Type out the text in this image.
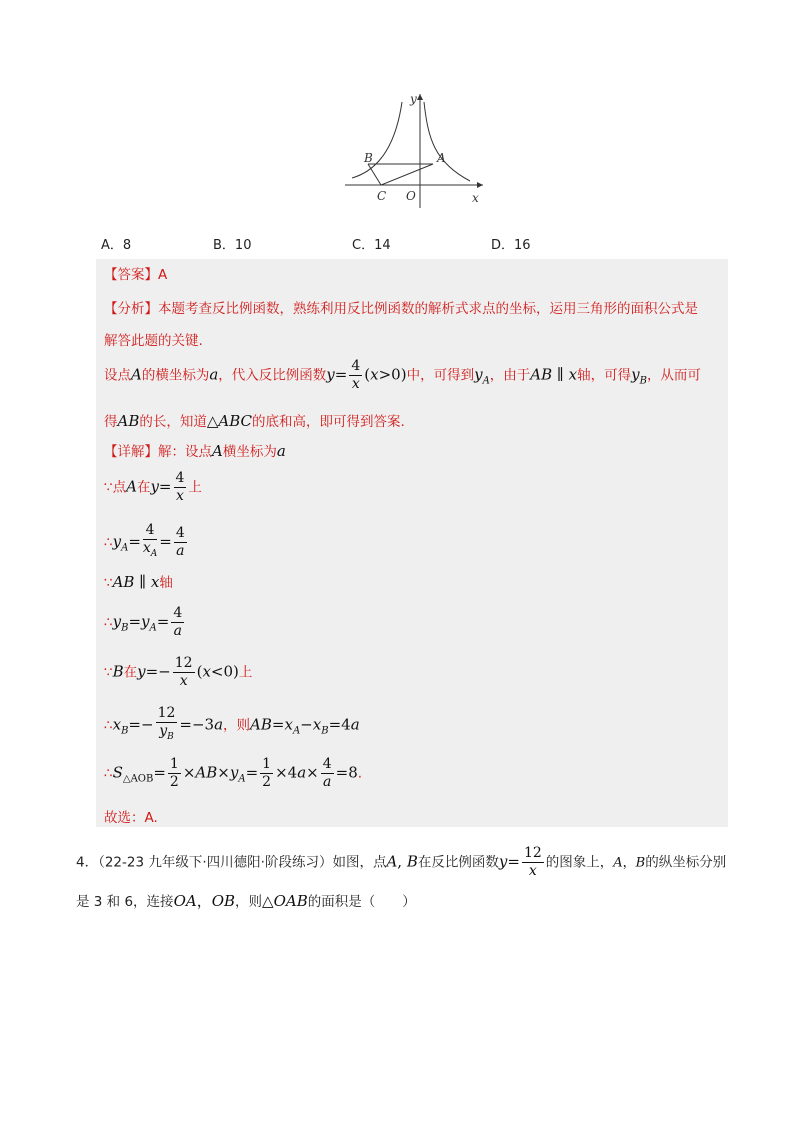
y
x
B	A
C O
A．8	B．10	C．14	D．16
【答案】A
【分析】本题考查反比例函数，熟练利用反比例函数的解析式求点的坐标，运用三角形的面积公式是
解答此题的关键.
设点A的横坐标为a，代入反比例函数$y= \frac{4}{x} (x>0)$中，可得到$y_A$，由于AB ∥ x轴，可得$y_B$，从而可
得AB的长，知道△ABC的底和高，即可得到答案.
【详解】解：设点A横坐标为a
∵点A在$y= \frac{4}{x}$ 上
$\therefore y_A= \frac{4}{x_A} = \frac{4}{a}$
∵AB ∥ x轴
$\therefore y_B=y_A= \frac{4}{a}$
∵B在$y=- \frac{12}{x} (x<0)$上
$\therefore x_B=- \frac{12}{y_B} =-3a$，则$AB=x_A-x_B=4a$
$\therefore S_{\triangle AOB}= \frac{1}{2} \times AB\times y_A= \frac{1}{2} \times 4a\times \frac{4}{a} =8$.
故选：A.
4．（22-23 九年级下·四川德阳·阶段练习）如图，点A, B在反比例函数$y= \frac{12}{x}$ 的图象上，A，B的纵坐标分别
是 3 和 6，连接OA，OB，则△OAB的面积是（　　）
